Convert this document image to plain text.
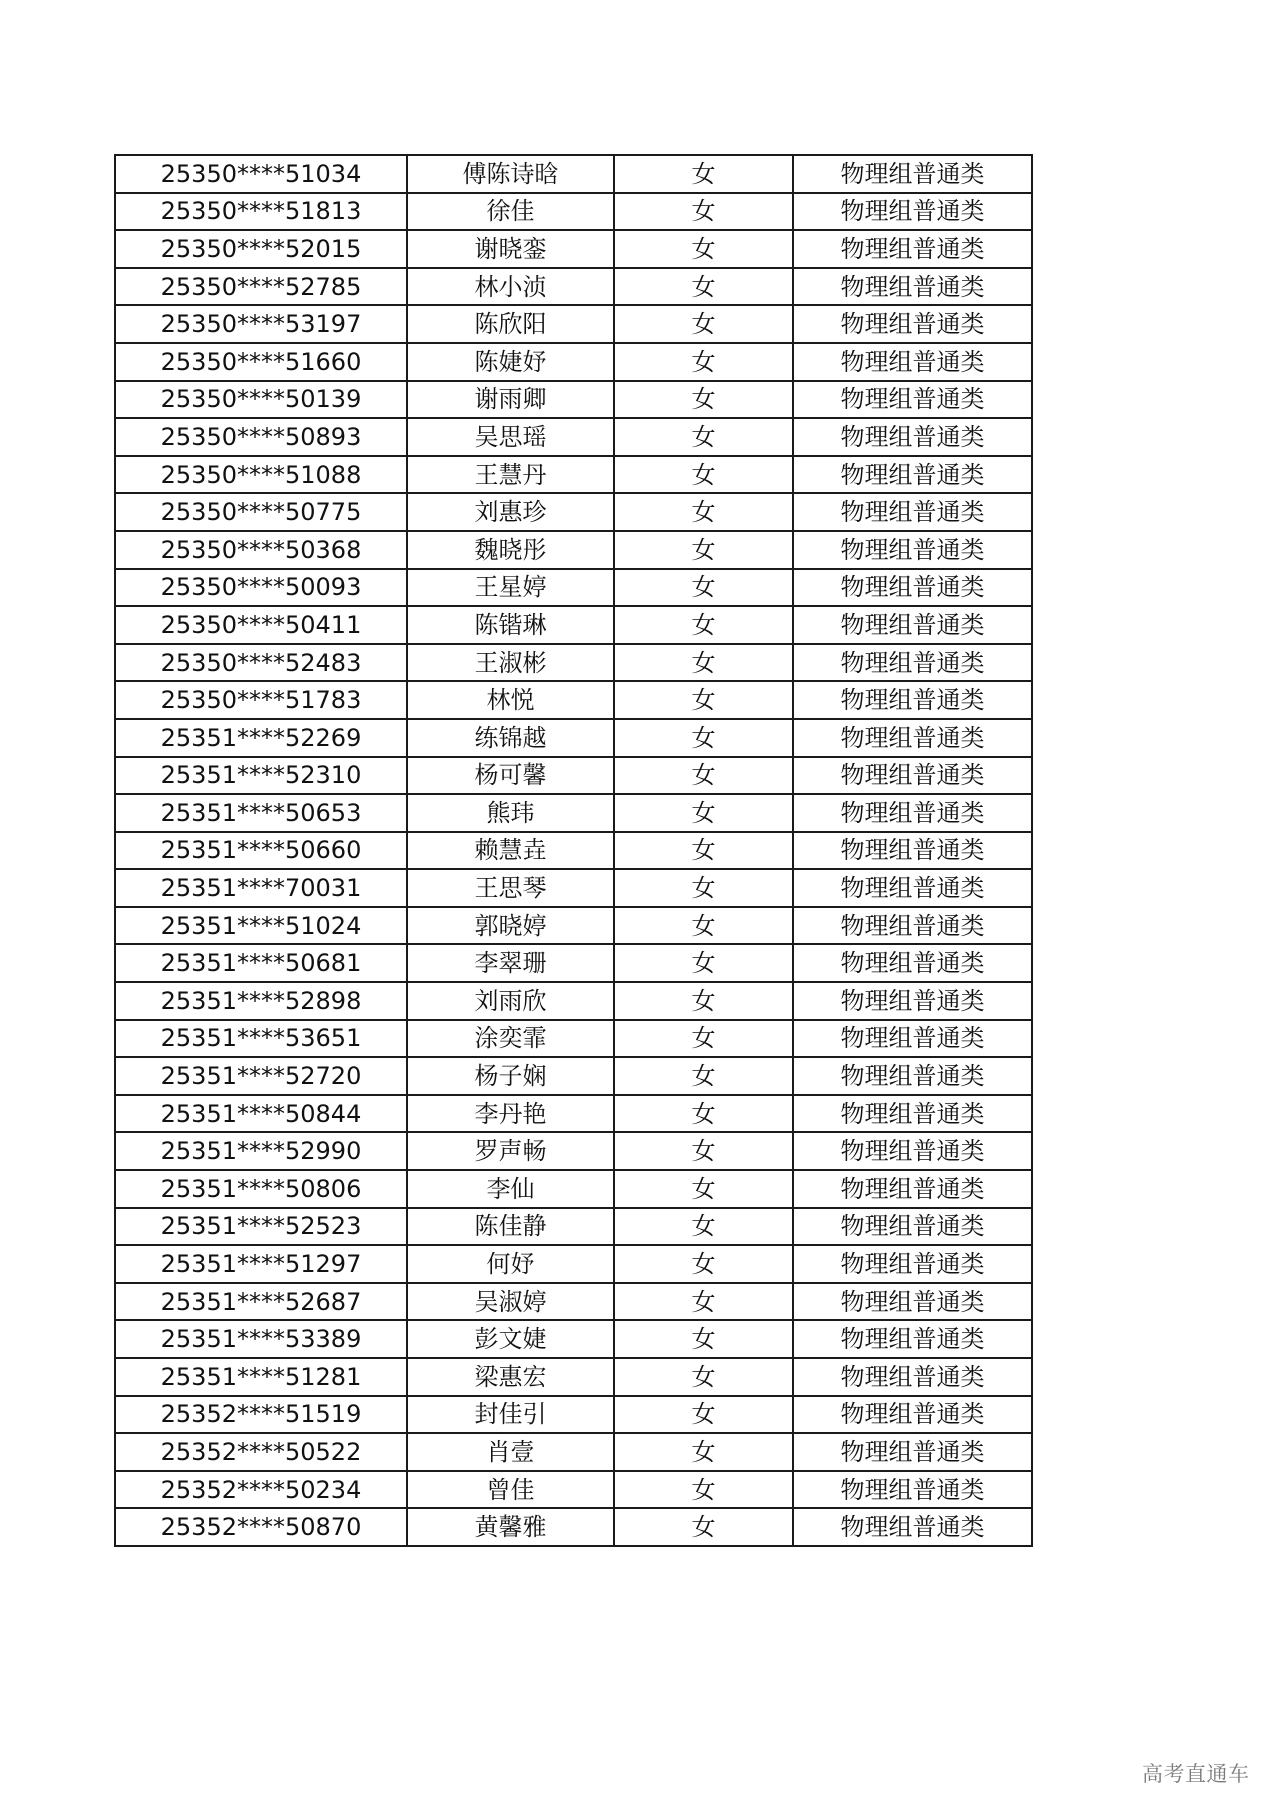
25350****51034	傅陈诗晗	女	物理组普通类
25350****51813	徐佳	女	物理组普通类
25350****52015	谢晓銮	女	物理组普通类
25350****52785	林小浈	女	物理组普通类
25350****53197	陈欣阳	女	物理组普通类
25350****51660	陈婕妤	女	物理组普通类
25350****50139	谢雨卿	女	物理组普通类
25350****50893	吴思瑶	女	物理组普通类
25350****51088	王慧丹	女	物理组普通类
25350****50775	刘惠珍	女	物理组普通类
25350****50368	魏晓彤	女	物理组普通类
25350****50093	王星婷	女	物理组普通类
25350****50411	陈锴琳	女	物理组普通类
25350****52483	王淑彬	女	物理组普通类
25350****51783	林悦	女	物理组普通类
25351****52269	练锦越	女	物理组普通类
25351****52310	杨可馨	女	物理组普通类
25351****50653	熊玮	女	物理组普通类
25351****50660	赖慧垚	女	物理组普通类
25351****70031	王思琴	女	物理组普通类
25351****51024	郭晓婷	女	物理组普通类
25351****50681	李翠珊	女	物理组普通类
25351****52898	刘雨欣	女	物理组普通类
25351****53651	涂奕霏	女	物理组普通类
25351****52720	杨子娴	女	物理组普通类
25351****50844	李丹艳	女	物理组普通类
25351****52990	罗声畅	女	物理组普通类
25351****50806	李仙	女	物理组普通类
25351****52523	陈佳静	女	物理组普通类
25351****51297	何妤	女	物理组普通类
25351****52687	吴淑婷	女	物理组普通类
25351****53389	彭文婕	女	物理组普通类
25351****51281	梁惠宏	女	物理组普通类
25352****51519	封佳引	女	物理组普通类
25352****50522	肖壹	女	物理组普通类
25352****50234	曾佳	女	物理组普通类
25352****50870	黄馨雅	女	物理组普通类
高考直通车
